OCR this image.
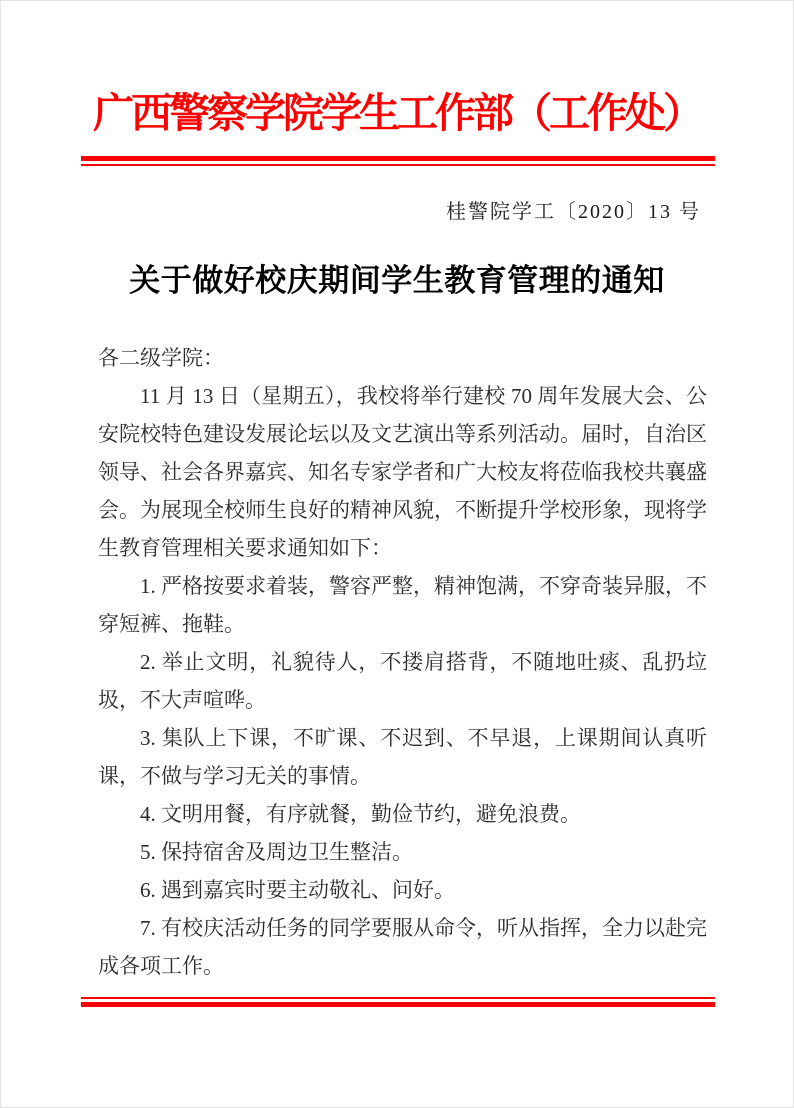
广西警察学院学生工作部（工作处）
桂警院学工〔2020〕13 号
关于做好校庆期间学生教育管理的通知

各二级学院：

11 月 13 日（星期五），我校将举行建校 70 周年发展大会、公安院校特色建设发展论坛以及文艺演出等系列活动。届时，自治区领导、社会各界嘉宾、知名专家学者和广大校友将莅临我校共襄盛会。为展现全校师生良好的精神风貌，不断提升学校形象，现将学生教育管理相关要求通知如下：

1. 严格按要求着装，警容严整，精神饱满，不穿奇装异服，不穿短裤、拖鞋。

2. 举止文明，礼貌待人，不搂肩搭背，不随地吐痰、乱扔垃圾，不大声喧哗。

3. 集队上下课，不旷课、不迟到、不早退，上课期间认真听课，不做与学习无关的事情。

4. 文明用餐，有序就餐，勤俭节约，避免浪费。

5. 保持宿舍及周边卫生整洁。

6. 遇到嘉宾时要主动敬礼、问好。

7. 有校庆活动任务的同学要服从命令，听从指挥，全力以赴完成各项工作。
